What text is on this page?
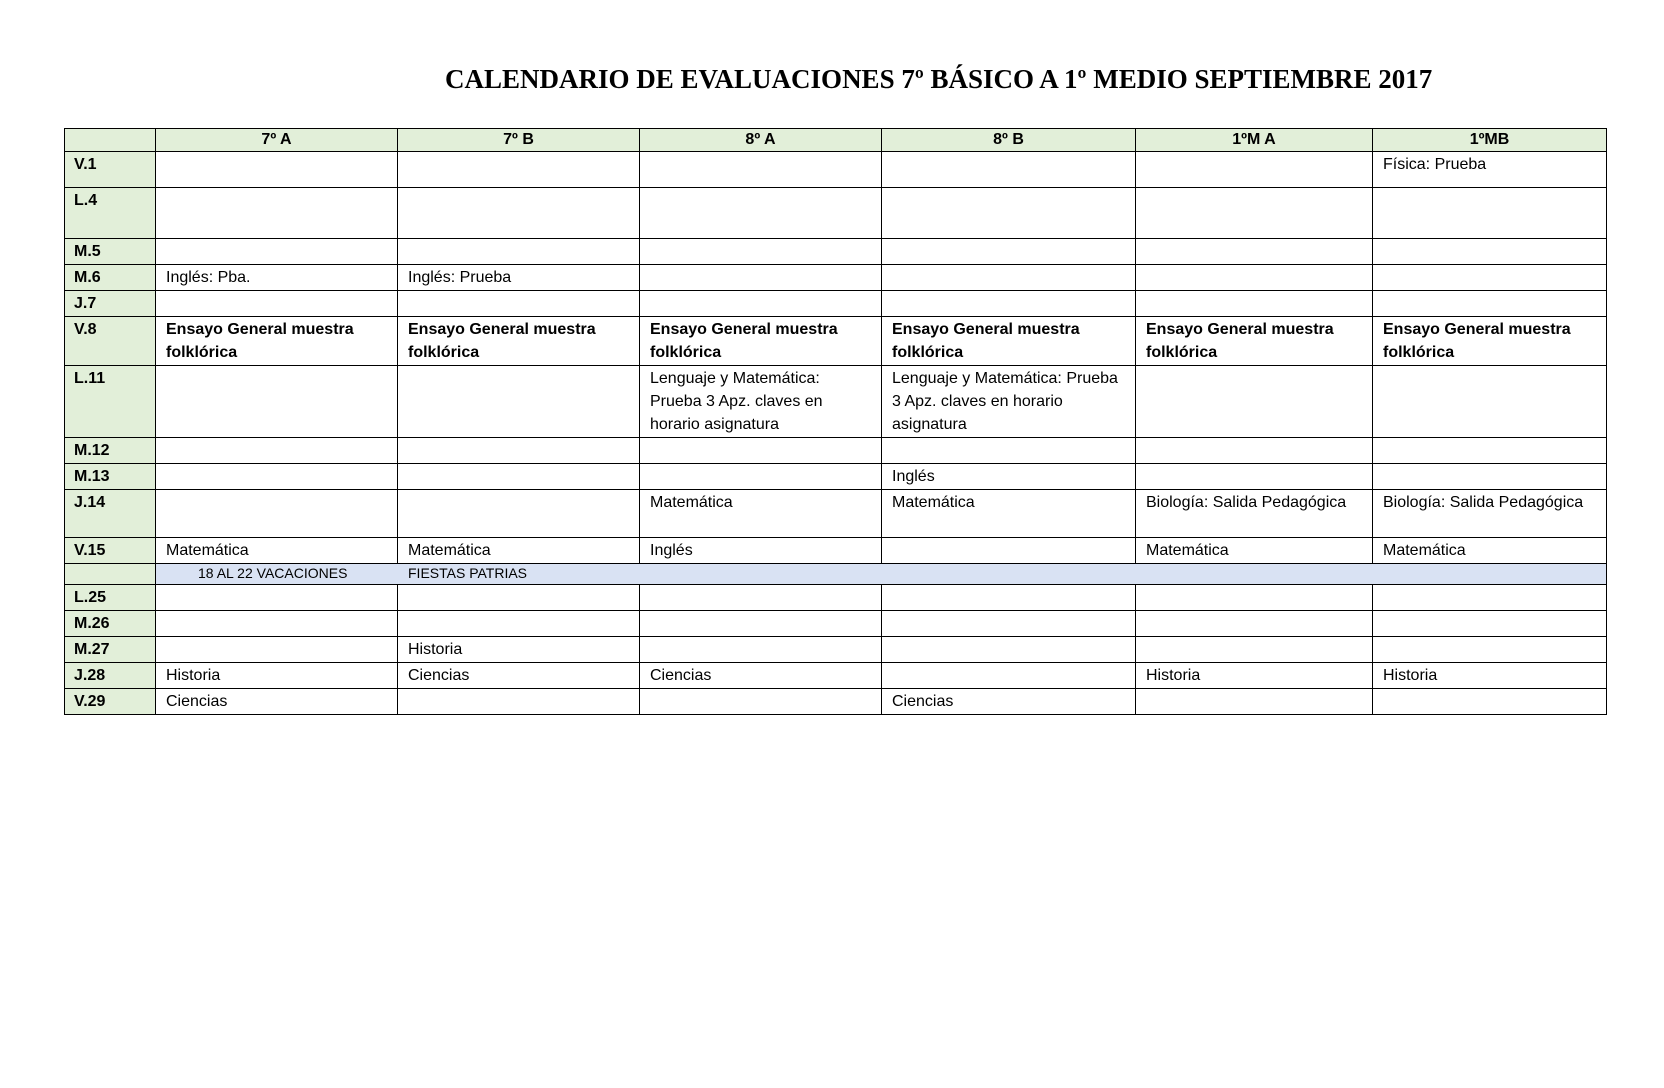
CALENDARIO DE EVALUACIONES 7º BÁSICO A 1º MEDIO SEPTIEMBRE 2017
	7º A	7º B	8º A	8º B	1ºM A	1ºMB
V.1						Física: Prueba
L.4						
M.5						
M.6	Inglés: Pba.	Inglés: Prueba				
J.7						
V.8	Ensayo General muestra folklórica	Ensayo General muestra folklórica	Ensayo General muestra folklórica	Ensayo General muestra folklórica	Ensayo General muestra folklórica	Ensayo General muestra folklórica
L.11			Lenguaje y Matemática: Prueba 3 Apz. claves en horario asignatura	Lenguaje y Matemática: Prueba 3 Apz. claves en horario asignatura		
M.12						
M.13				Inglés		
J.14			Matemática	Matemática	Biología: Salida Pedagógica	Biología: Salida Pedagógica
V.15	Matemática	Matemática	Inglés		Matemática	Matemática
	18 AL 22 VACACIONES FIESTAS PATRIAS					
L.25						
M.26						
M.27		Historia				
J.28	Historia	Ciencias	Ciencias		Historia	Historia
V.29	Ciencias			Ciencias		
